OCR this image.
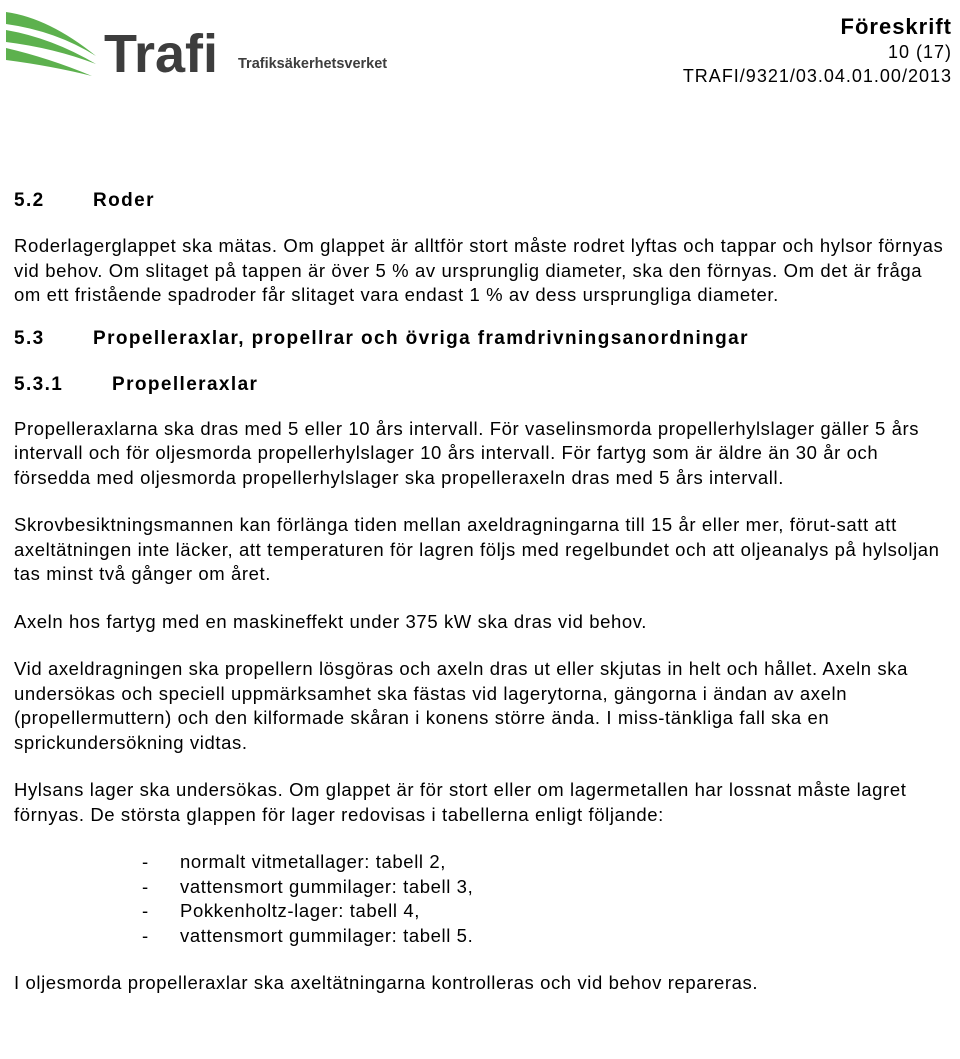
Trafi Trafiksäkerhetsverket
Föreskrift
10 (17)
TRAFI/9321/03.04.01.00/2013
5.2	Roder

Roderlagerglappet ska mätas. Om glappet är alltför stort måste rodret lyftas och tappar och hylsor förnyas vid behov. Om slitaget på tappen är över 5 % av ursprunglig diameter, ska den förnyas. Om det är fråga om ett fristående spadroder får slitaget vara endast 1 % av dess ursprungliga diameter.

5.3	Propelleraxlar, propellrar och övriga framdrivningsanordningar
5.3.1	Propelleraxlar

Propelleraxlarna ska dras med 5 eller 10 års intervall. För vaselinsmorda propellerhylslager gäller 5 års intervall och för oljesmorda propellerhylslager 10 års intervall. För fartyg som är äldre än 30 år och försedda med oljesmorda propellerhylslager ska propelleraxeln dras med 5 års intervall.

Skrovbesiktningsmannen kan förlänga tiden mellan axeldragningarna till 15 år eller mer, förut-satt att axeltätningen inte läcker, att temperaturen för lagren följs med regelbundet och att oljeanalys på hylsoljan tas minst två gånger om året.

Axeln hos fartyg med en maskineffekt under 375 kW ska dras vid behov.

Vid axeldragningen ska propellern lösgöras och axeln dras ut eller skjutas in helt och hållet. Axeln ska undersökas och speciell uppmärksamhet ska fästas vid lagerytorna, gängorna i ändan av axeln (propellermuttern) och den kilformade skåran i konens större ända. I miss-tänkliga fall ska en sprickundersökning vidtas.

Hylsans lager ska undersökas. Om glappet är för stort eller om lagermetallen har lossnat måste lagret förnyas. De största glappen för lager redovisas i tabellerna enligt följande:

-	normalt vitmetallager: tabell 2,
-	vattensmort gummilager: tabell 3,
-	Pokkenholtz-lager: tabell 4,
-	vattensmort gummilager: tabell 5.

I oljesmorda propelleraxlar ska axeltätningarna kontrolleras och vid behov repareras.
